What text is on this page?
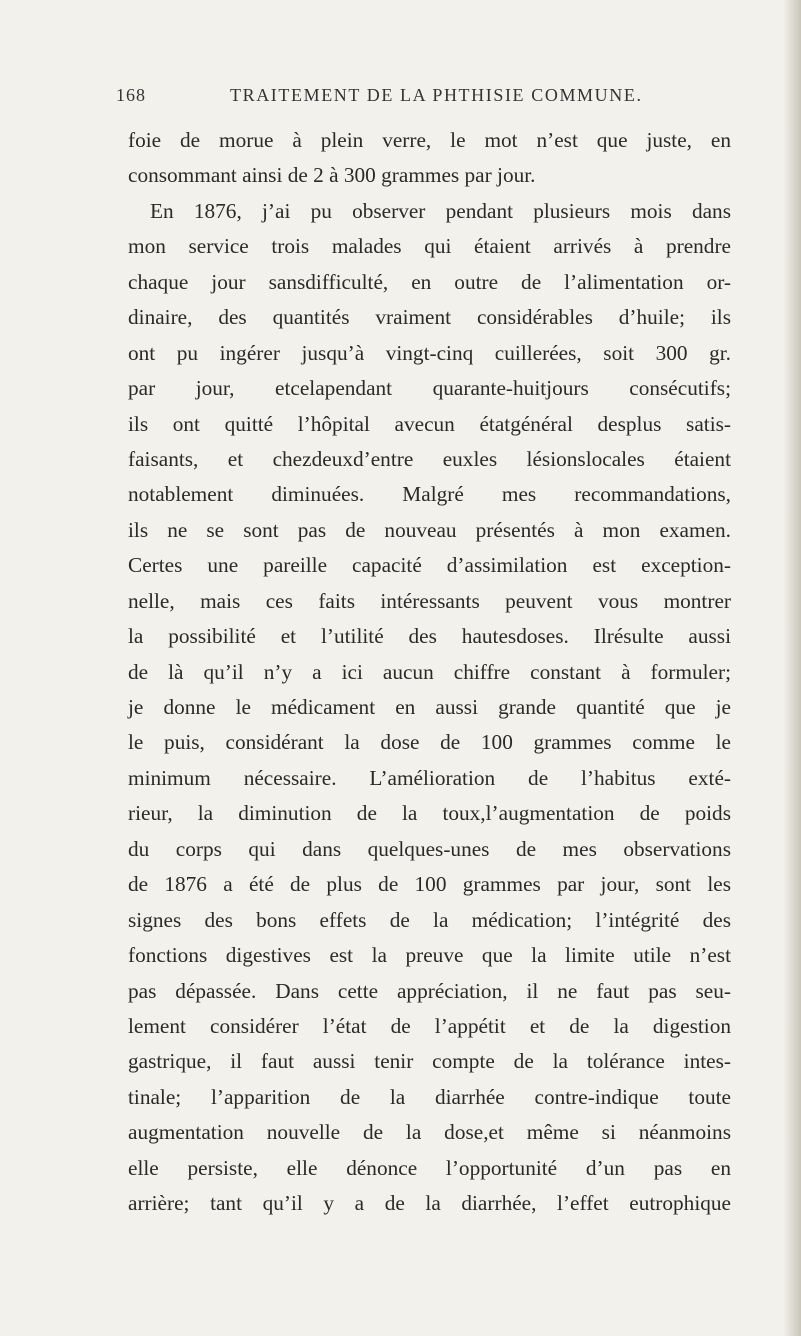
168	TRAITEMENT DE LA PHTHISIE COMMUNE.
foie de morue à plein verre, le mot n’est que juste, en
consommant ainsi de 2 à 300 grammes par jour.
En 1876, j’ai pu observer pendant plusieurs mois dans
mon service trois malades qui étaient arrivés à prendre
chaque jour sansdifficulté, en outre de l’alimentation or-
dinaire, des quantités vraiment considérables d’huile; ils
ont pu ingérer jusqu’à vingt-cinq cuillerées, soit 300 gr.
par jour, etcelapendant quarante-huitjours consécutifs;
ils ont quitté l’hôpital avecun étatgénéral desplus satis-
faisants, et chezdeuxd’entre euxles lésionslocales étaient
notablement diminuées. Malgré mes recommandations,
ils ne se sont pas de nouveau présentés à mon examen.
Certes une pareille capacité d’assimilation est exception-
nelle, mais ces faits intéressants peuvent vous montrer
la possibilité et l’utilité des hautesdoses. Ilrésulte aussi
de là qu’il n’y a ici aucun chiffre constant à formuler;
je donne le médicament en aussi grande quantité que je
le puis, considérant la dose de 100 grammes comme le
minimum nécessaire. L’amélioration de l’habitus exté-
rieur, la diminution de la toux,l’augmentation de poids
du corps qui dans quelques-unes de mes observations
de 1876 a été de plus de 100 grammes par jour, sont les
signes des bons effets de la médication; l’intégrité des
fonctions digestives est la preuve que la limite utile n’est
pas dépassée. Dans cette appréciation, il ne faut pas seu-
lement considérer l’état de l’appétit et de la digestion
gastrique, il faut aussi tenir compte de la tolérance intes-
tinale; l’apparition de la diarrhée contre-indique toute
augmentation nouvelle de la dose,et même si néanmoins
elle persiste, elle dénonce l’opportunité d’un pas en
arrière; tant qu’il y a de la diarrhée, l’effet eutrophique
